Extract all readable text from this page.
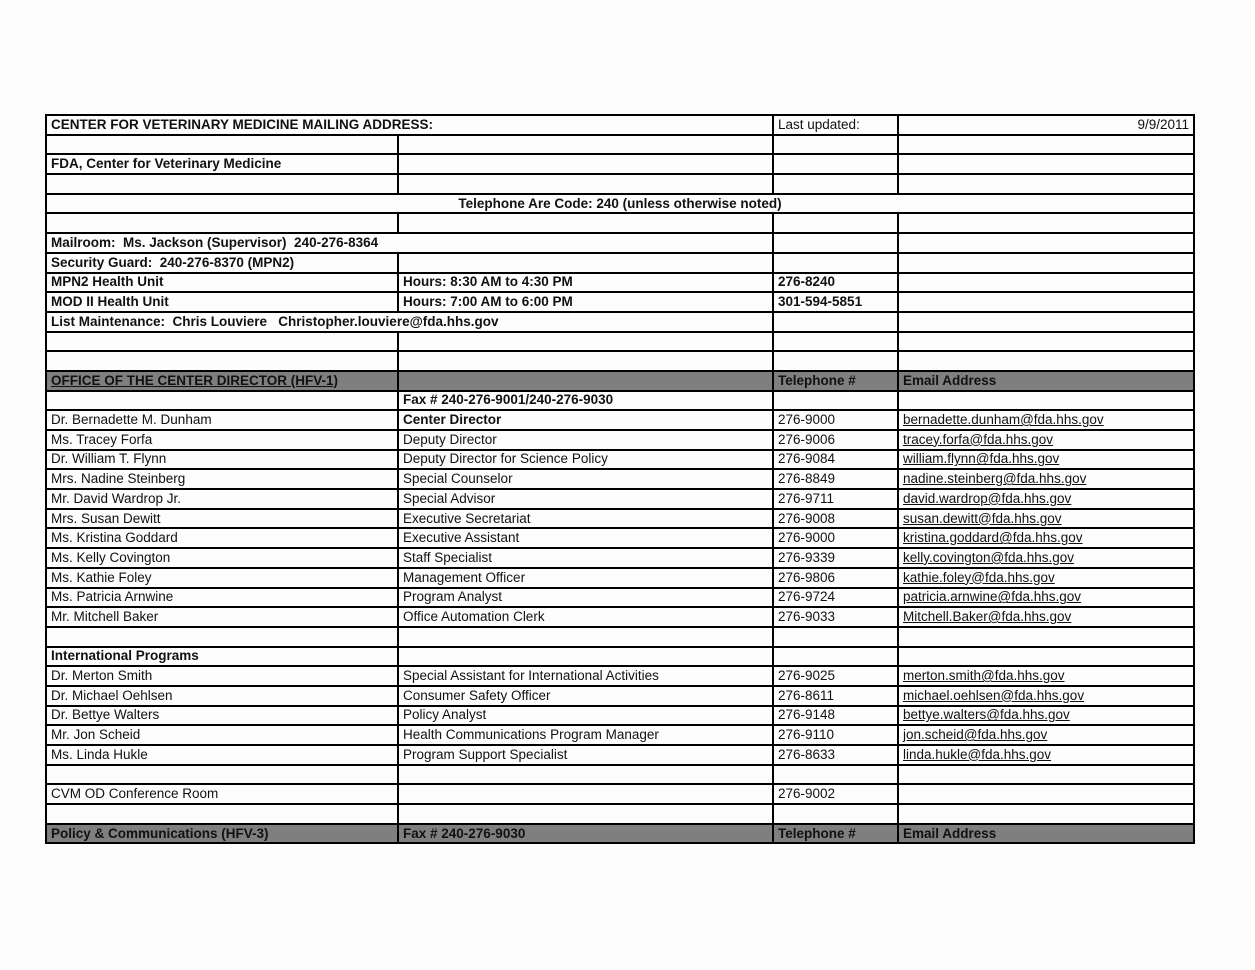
CENTER FOR VETERINARY MEDICINE MAILING ADDRESS:		Last updated:	9/9/2011

FDA, Center for Veterinary Medicine			

Telephone Are Code: 240 (unless otherwise noted)			

Mailroom:  Ms. Jackson (Supervisor)  240-276-8364			
Security Guard:  240-276-8370 (MPN2)			
MPN2 Health Unit	Hours: 8:30 AM to 4:30 PM	276-8240	
MOD II Health Unit	Hours: 7:00 AM to 6:00 PM	301-594-5851	
List Maintenance:  Chris Louviere   Christopher.louviere@fda.hhs.gov			

OFFICE OF THE CENTER DIRECTOR (HFV-1)		Telephone #	Email Address
	Fax # 240-276-9001/240-276-9030		
Dr. Bernadette M. Dunham	Center Director	276-9000	bernadette.dunham@fda.hhs.gov
Ms. Tracey Forfa	Deputy Director	276-9006	tracey.forfa@fda.hhs.gov
Dr. William T. Flynn	Deputy Director for Science Policy	276-9084	william.flynn@fda.hhs.gov
Mrs. Nadine Steinberg	Special Counselor	276-8849	nadine.steinberg@fda.hhs.gov
Mr. David Wardrop Jr.	Special Advisor	276-9711	david.wardrop@fda.hhs.gov
Mrs. Susan Dewitt	Executive Secretariat	276-9008	susan.dewitt@fda.hhs.gov
Ms. Kristina Goddard	Executive Assistant	276-9000	kristina.goddard@fda.hhs.gov
Ms. Kelly Covington	Staff Specialist	276-9339	kelly.covington@fda.hhs.gov
Ms. Kathie Foley	Management Officer	276-9806	kathie.foley@fda.hhs.gov
Ms. Patricia Arnwine	Program Analyst	276-9724	patricia.arnwine@fda.hhs.gov
Mr. Mitchell Baker	Office Automation Clerk	276-9033	Mitchell.Baker@fda.hhs.gov

International Programs			
Dr. Merton Smith	Special Assistant for International Activities	276-9025	merton.smith@fda.hhs.gov
Dr. Michael Oehlsen	Consumer Safety Officer	276-8611	michael.oehlsen@fda.hhs.gov
Dr. Bettye Walters	Policy Analyst	276-9148	bettye.walters@fda.hhs.gov
Mr. Jon Scheid	Health Communications Program Manager	276-9110	jon.scheid@fda.hhs.gov
Ms. Linda Hukle	Program Support Specialist	276-8633	linda.hukle@fda.hhs.gov

CVM OD Conference Room		276-9002	

Policy & Communications (HFV-3)	Fax # 240-276-9030	Telephone #	Email Address
